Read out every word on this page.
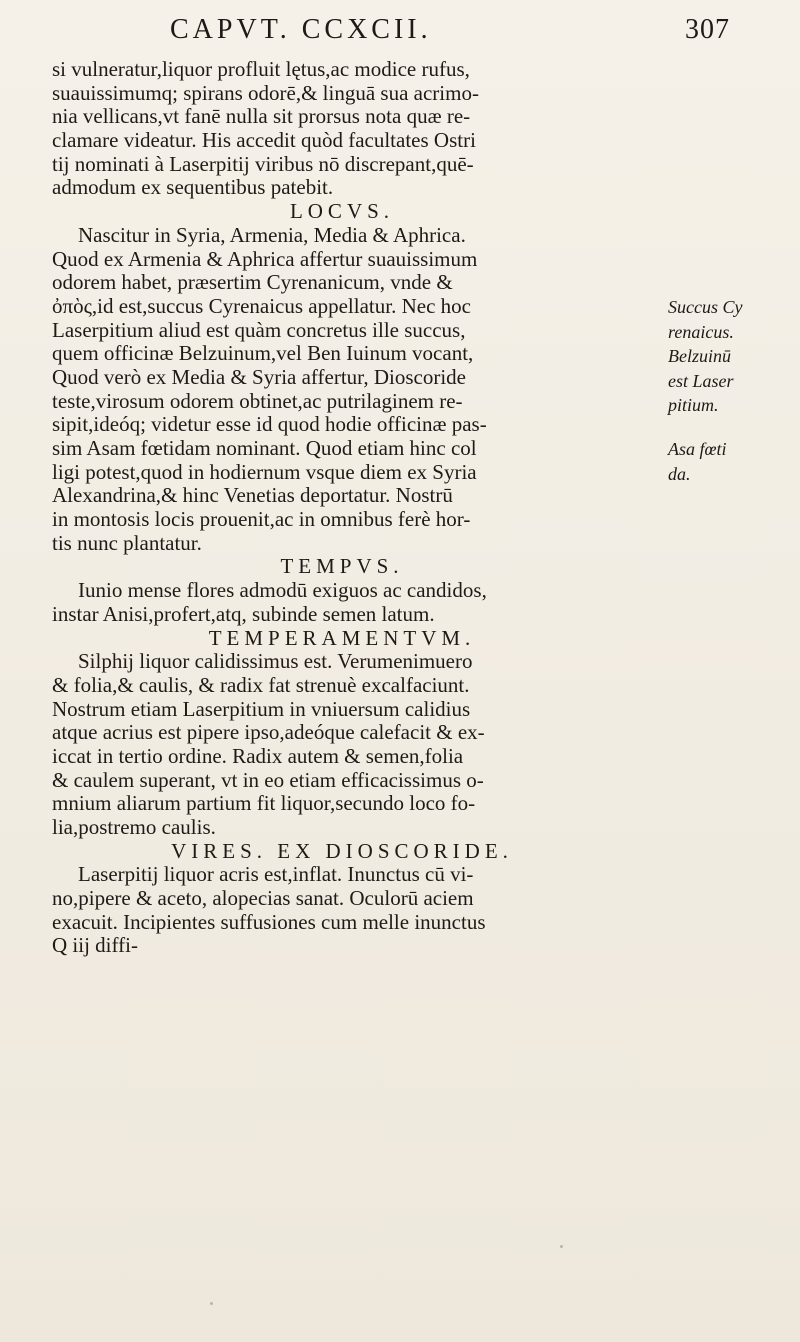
CAPVT. CCXCII.	307
si vulneratur,liquor profluit lętus,ac modice rufus,
suauissimumq; spirans odorē,& linguā sua acrimo-
nia vellicans,vt fanē nulla sit prorsus nota quæ re-
clamare videatur. His accedit quòd facultates Ostri
tij nominati à Laserpitij viribus nō discrepant,quē-
admodum ex sequentibus patebit.
LOCVS.
Nascitur in Syria, Armenia, Media & Aphrica.
Quod ex Armenia & Aphrica affertur suauissimum
odorem habet, præsertim Cyrenanicum, vnde &
ὀπὸς,id est,succus Cyrenaicus appellatur. Nec hoc
Laserpitium aliud est quàm concretus ille succus,
quem officinæ Belzuinum,vel Ben Iuinum vocant,
Quod verò ex Media & Syria affertur, Dioscoride
teste,virosum odorem obtinet,ac putrilaginem re-
sipit,ideóq; videtur esse id quod hodie officinæ pas-
sim Asam fœtidam nominant. Quod etiam hinc col
ligi potest,quod in hodiernum vsque diem ex Syria
Alexandrina,& hinc Venetias deportatur. Nostrū
in montosis locis prouenit,ac in omnibus ferè hor-
tis nunc plantatur.
TEMPVS.
Iunio mense flores admodū exiguos ac candidos,
instar Anisi,profert,atq, subinde semen latum.
TEMPERAMENTVM.
Silphij liquor calidissimus est. Verumenimuero
& folia,& caulis, & radix fat strenuè excalfaciunt.
Nostrum etiam Laserpitium in vniuersum calidius
atque acrius est pipere ipso,adeóque calefacit & ex-
iccat in tertio ordine. Radix autem & semen,folia
& caulem superant, vt in eo etiam efficacissimus o-
mnium aliarum partium fit liquor,secundo loco fo-
lia,postremo caulis.
VIRES. EX DIOSCORIDE.
Laserpitij liquor acris est,inflat. Inunctus cū vi-
no,pipere & aceto, alopecias sanat. Oculorū aciem
exacuit. Incipientes suffusiones cum melle inunctus
Q iij diffi-
Succus Cy
renaicus.
Belzuinū
est Laser
pitium.
Asa fœti
da.
